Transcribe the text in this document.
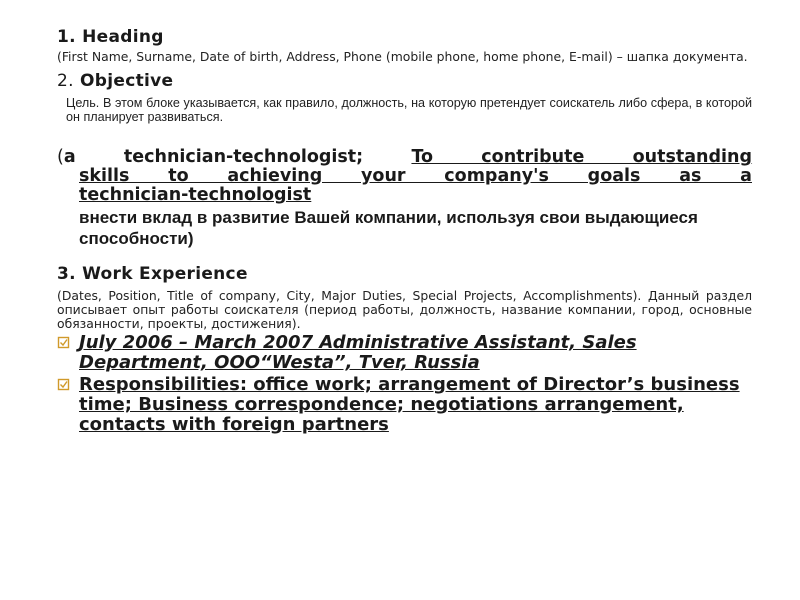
1. Heading

(First Name, Surname, Date of birth, Address, Phone (mobile phone, home phone, E-mail) – шапка документа.

2. Objective

Цель. В этом блоке указывается, как правило, должность, на которую претендует соискатель либо сфера, в которой он планирует развиваться.

(a technician-technologist;	To contribute outstanding
skills to achieving your company's goals as a
technician-technologist
внести вклад в развитие Вашей компании, используя свои выдающиеся способности)
3. Work Experience

(Dates, Position, Title of company, City, Major Duties, Special Projects, Accomplishments). Данный раздел описывает опыт работы соискателя (период работы, должность, название компании, город, основные обязанности, проекты, достижения).

July 2006 – March 2007 Administrative Assistant, Sales Department, OOO“Westa”, Tver, Russia
Responsibilities: office work; arrangement of Director’s business time; Business correspondence; negotiations arrangement, contacts with foreign partners
